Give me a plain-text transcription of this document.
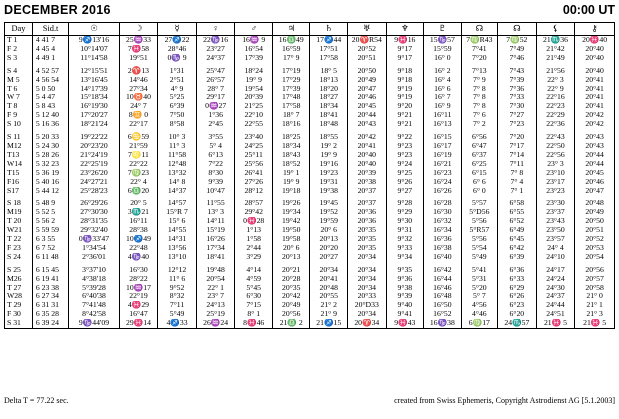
DECEMBER 2016	00:00 UT
Day	Sid.t	☉	☽	☿	♀	♂	♃	♄	♅	♆	♇	☊	☊	⚸	⚷
T 1	4 41 7	9♐13'16	25♒33	27♐22	22♑16	16♒ 9	16♎49	17♐44	20♈R54	9♓16	15♑57	7♍R43	7♍52	21♏36	20♓40
F 2	4 45 4	10°14'07	7♓58	28°46	23°27	16°54	16°59	17°51	20°52	9°17	15°59	7°41	7°49	21°42	20°40
S 3	4 49 1	11°14'58	19°51	0♑ 9	24°37	17°39	17° 9	17°58	20°51	9°17	16° 0	7°20	7°46	21°49	20°40
S 4	4 52 57	12°15'51	2♈13	1°31	25°47	18°24	17°19	18° 5	20°50	9°18	16° 2	7°13	7°43	21°56	20°40
M 5	4 56 54	13°16'45	14°46	2°51	26°57	19° 9	17°29	18°13	20°49	9°18	16° 4	7° 9	7°39	22° 3	20°41
T 6	5 0 50	14°17'39	27°34	4° 9	28° 7	19°54	17°39	18°20	20°47	9°19	16° 6	7° 8	7°36	22° 9	20°41
W 7	5 4 47	15°18'34	10♉40	5°25	29°17	20°39	17°48	18°27	20°46	9°19	16° 7	7° 8	7°33	22°16	20°41
T 8	5 8 43	16°19'30	24° 7	6°39	0♒27	21°25	17°58	18°34	20°45	9°20	16° 9	7° 8	7°30	22°23	20°41
F 9	5 12 40	17°20'27	8♊ 0	7°50	1°36	22°10	18° 7	18°41	20°44	9°21	16°11	7° 6	7°27	22°29	20°42
S 10	5 16 36	18°21'24	22°17	8°58	2°45	22°55	18°16	18°48	20°43	9°21	16°13	7° 2	7°23	22°36	20°42
S 11	5 20 33	19°22'22	6♋59	10° 3	3°55	23°40	18°25	18°55	20°42	9°22	16°15	6°56	7°20	22°43	20°43
M12	5 24 30	20°23'20	21°59	11° 3	5° 4	24°25	18°34	19° 2	20°41	9°23	16°17	6°47	7°17	22°50	20°43
T13	5 28 26	21°24'19	7♌11	11°58	6°13	25°11	18°43	19° 9	20°40	9°23	16°19	6°37	7°14	22°56	20°44
W14	5 32 23	22°25'19	22°22	12°48	7°22	25°56	18°52	19°16	20°40	9°24	16°21	6°25	7°11	23° 3	20°44
T15	5 36 19	23°26'20	7♍23	13°32	8°30	26°41	19° 1	19°23	20°39	9°25	16°23	6°15	7° 8	23°10	20°45
F16	5 40 16	24°27'21	22° 4	14° 8	9°39	27°26	19° 9	19°31	20°38	9°26	16°24	6° 6	7° 4	23°17	20°46
S17	5 44 12	25°28'23	6♎20	14°37	10°47	28°12	19°18	19°38	20°37	9°27	16°26	6° 0	7° 1	23°23	20°47
S 18	5 48 9	26°29'26	20° 5	14°57	11°55	28°57	19°26	19°45	20°37	9°28	16°28	5°57	6°58	23°30	20°48
M19	5 52 5	27°30'30	3♏21	15°R 7	13° 3	29°42	19°34	19°52	20°36	9°29	16°30	5°D56	6°55	23°37	20°49
T 20	5 56 2	28°31'35	16°11	15° 6	14°11	0♓28	19°42	19°59	20°36	9°30	16°32	5°56	6°52	23°43	20°50
W21	5 59 59	29°32'40	28°38	14°55	15°19	1°13	19°50	20° 6	20°35	9°31	16°34	5°R57	6°49	23°50	20°51
T 22	6 3 55	0♑33'47	10♐49	14°31	16°26	1°58	19°58	20°13	20°35	9°32	16°36	5°56	6°45	23°57	20°52
F 23	6 7 52	1°34'54	22°48	13°56	17°34	2°44	20° 6	20°20	20°35	9°33	16°38	5°54	6°42	24° 4	20°53
S 24	6 11 48	2°36'01	4♑40	13°10	18°41	3°29	20°13	20°27	20°34	9°34	16°40	5°49	6°39	24°10	20°54
S 25	6 15 45	3°37'10	16°30	12°12	19°48	4°14	20°21	20°34	20°34	9°35	16°42	5°41	6°36	24°17	20°56
M26	6 19 41	4°38'18	28°22	11° 6	20°54	4°59	20°28	20°41	20°34	9°36	16°44	5°31	6°33	24°24	20°57
T 27	6 23 38	5°39'28	10♒17	9°52	22° 1	5°45	20°35	20°48	20°34	9°38	16°46	5°20	6°29	24°30	20°58
W28	6 27 34	6°40'38	22°19	8°32	23° 7	6°30	20°42	20°55	20°33	9°39	16°48	5° 7	6°26	24°37	21° 0
T 29	6 31 31	7°41'48	4♓29	7°11	24°13	7°15	20°49	21° 2	20°D33	9°40	16°50	4°56	6°23	24°44	21° 1
F 30	6 35 28	8°42'58	16°47	5°49	25°19	8° 1	20°56	21° 9	20°34	9°41	16°52	4°46	6°20	24°51	21° 3
S 31	6 39 24	9♑44'09	29♓14	4♐33	26♒24	8♓46	21♎ 2	21♐15	20♈34	9♓43	16♑38	6♍17	24♏57	21♓ 5	21♓ 5
Delta T = 77.22 sec.	created from Swiss Ephemeris, Copyright Astrodienst AG [5.1.2003]
